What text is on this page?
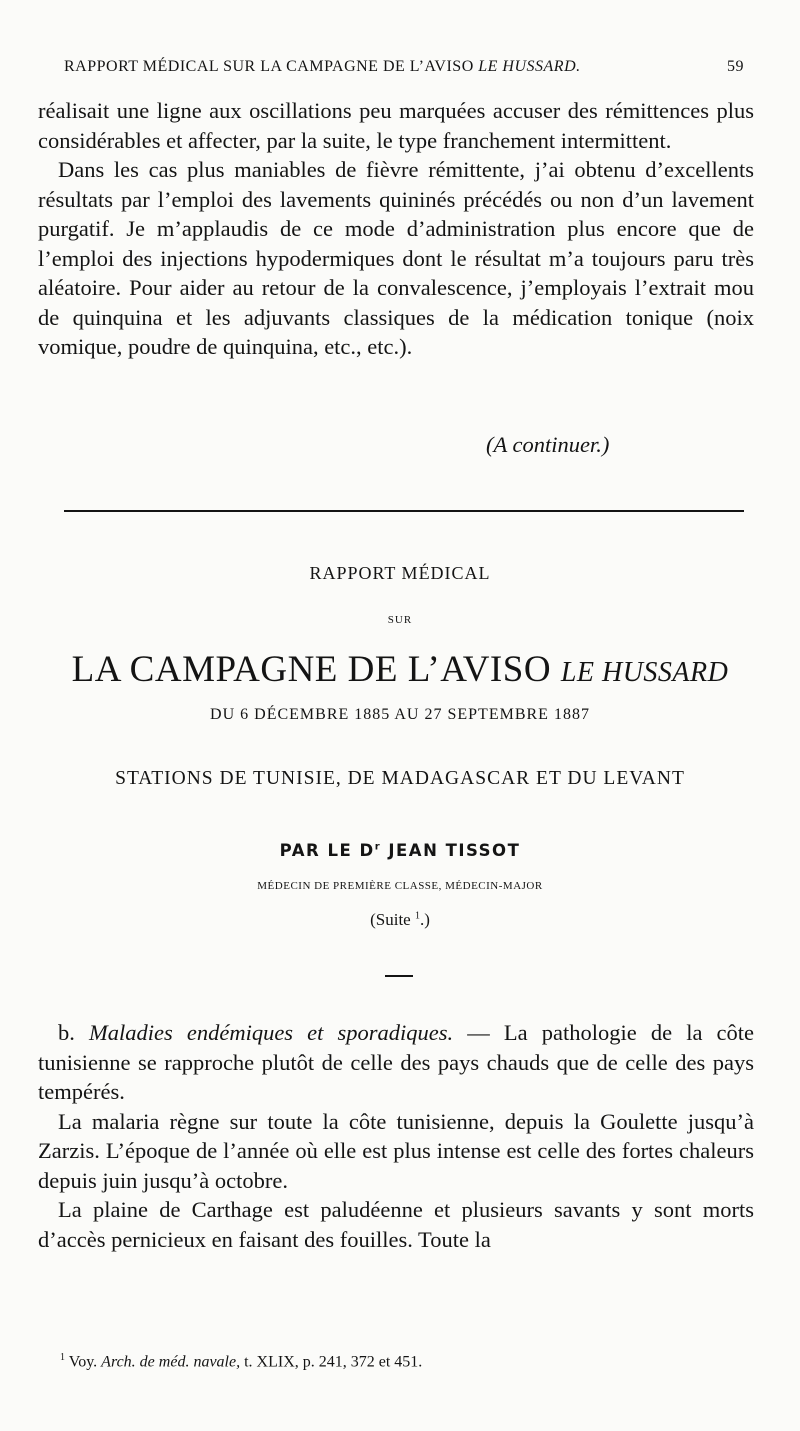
RAPPORT MÉDICAL SUR LA CAMPAGNE DE L’AVISO LE HUSSARD.	59

réalisait une ligne aux oscillations peu marquées accuser des rémittences plus considérables et affecter, par la suite, le type franchement intermittent.

Dans les cas plus maniables de fièvre rémittente, j’ai obtenu d’excellents résultats par l’emploi des lavements quininés précédés ou non d’un lavement purgatif. Je m’applaudis de ce mode d’administration plus encore que de l’emploi des injections hypodermiques dont le résultat m’a toujours paru très aléatoire. Pour aider au retour de la convalescence, j’employais l’extrait mou de quinquina et les adjuvants classiques de la médication tonique (noix vomique, poudre de quinquina, etc., etc.).

(A continuer.)
RAPPORT MÉDICAL
SUR
LA CAMPAGNE DE L’AVISO LE HUSSARD
DU 6 DÉCEMBRE 1885 AU 27 SEPTEMBRE 1887
STATIONS DE TUNISIE, DE MADAGASCAR ET DU LEVANT
PAR LE $D^r$ JEAN TISSOT
MÉDECIN DE PREMIÈRE CLASSE, MÉDECIN-MAJOR
(Suite $^1$.)

b. Maladies endémiques et sporadiques. — La pathologie de la côte tunisienne se rapproche plutôt de celle des pays chauds que de celle des pays tempérés.

La malaria règne sur toute la côte tunisienne, depuis la Goulette jusqu’à Zarzis. L’époque de l’année où elle est plus intense est celle des fortes chaleurs depuis juin jusqu’à octobre.

La plaine de Carthage est paludéenne et plusieurs savants y sont morts d’accès pernicieux en faisant des fouilles. Toute la

$^1$ Voy. Arch. de méd. navale, t. XLIX, p. 241, 372 et 451.
